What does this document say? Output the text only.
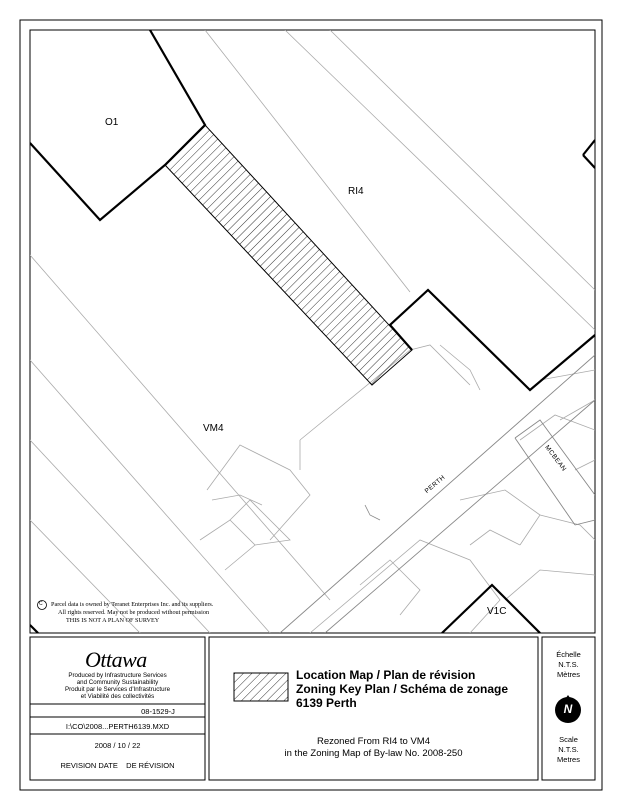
O1
RI4
VM4
V1C
PERTH
MCBEAN
C	Parcel data is owned by Teranet Enterprises Inc. and its suppliers.
All rights reserved. May not be produced without permission
THIS IS NOT A PLAN OF SURVEY
Ottawa
Produced by Infrastructure Services
and Community Sustainability
Produit par le Services d'Infrastructure
et Viabilité des collectivités
08-1529-J
I:\CO\2008...PERTH6139.MXD
2008 / 10 / 22
REVISION DATE    DE RÉVISION
Location Map / Plan de révision
Zoning Key Plan / Schéma de zonage
6139 Perth
Rezoned From RI4 to VM4
in the Zoning Map of By-law No. 2008-250
Échelle
N.T.S.
Mètres
N
Scale
N.T.S.
Metres
